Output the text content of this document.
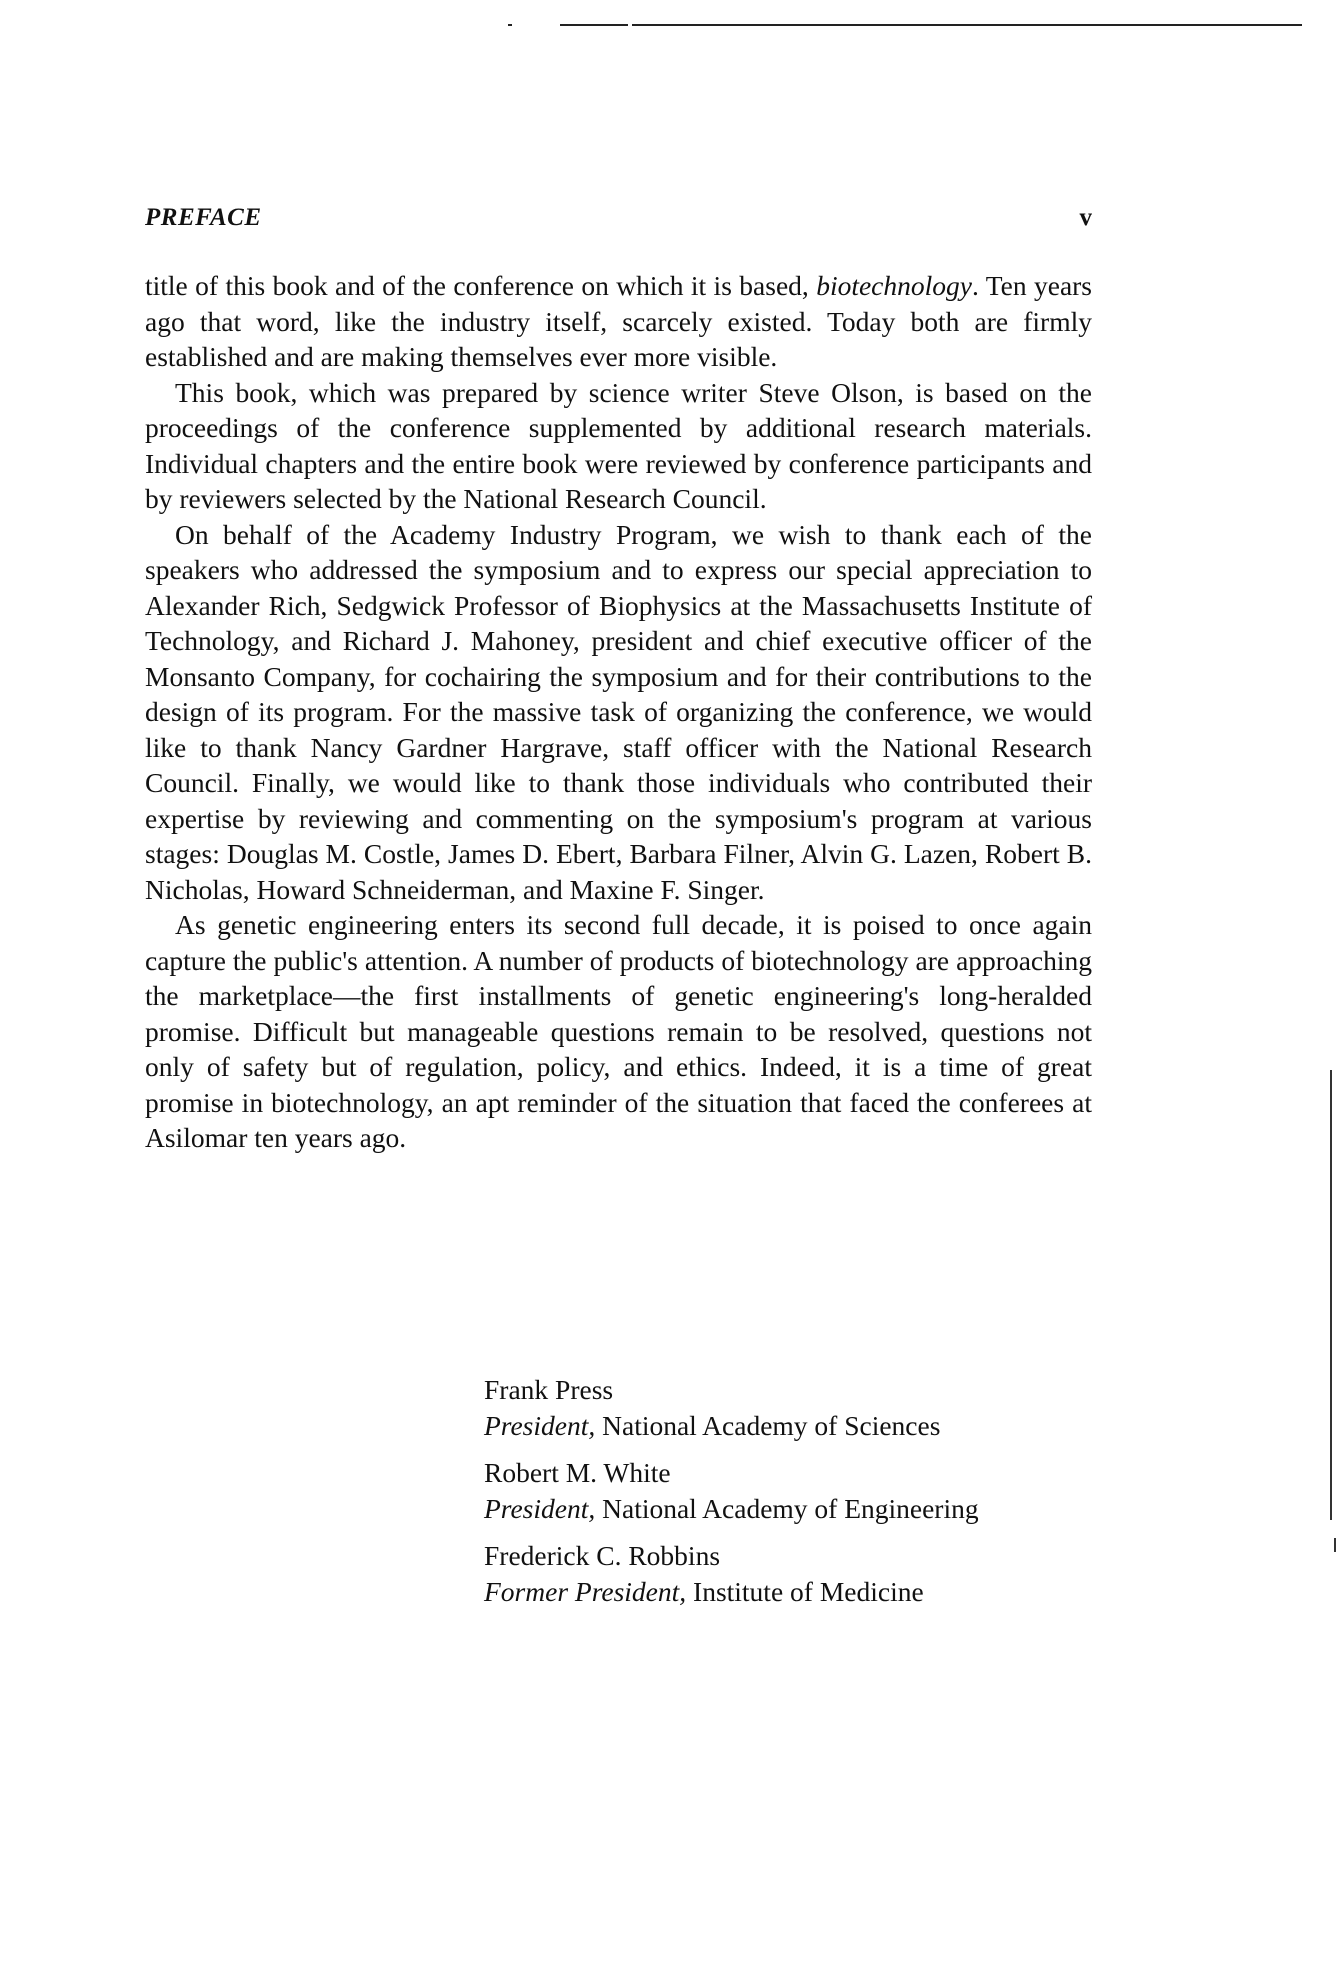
PREFACE	v

title of this book and of the conference on which it is based, biotechnology. Ten years ago that word, like the industry itself, scarcely existed. Today both are firmly established and are making themselves ever more visible.

This book, which was prepared by science writer Steve Olson, is based on the proceedings of the conference supplemented by additional research materials. Individual chapters and the entire book were reviewed by conference participants and by reviewers selected by the National Research Council.

On behalf of the Academy Industry Program, we wish to thank each of the speakers who addressed the symposium and to express our special appreciation to Alexander Rich, Sedgwick Professor of Biophysics at the Massachusetts Institute of Technology, and Richard J. Mahoney, president and chief executive officer of the Monsanto Company, for cochairing the symposium and for their contributions to the design of its program. For the massive task of organizing the conference, we would like to thank Nancy Gardner Hargrave, staff officer with the National Research Council. Finally, we would like to thank those individuals who contributed their expertise by reviewing and commenting on the symposium's program at various stages: Douglas M. Costle, James D. Ebert, Barbara Filner, Alvin G. Lazen, Robert B. Nicholas, Howard Schneiderman, and Maxine F. Singer.

As genetic engineering enters its second full decade, it is poised to once again capture the public's attention. A number of products of biotechnology are approaching the marketplace—the first installments of genetic engineering's long-heralded promise. Difficult but manageable questions remain to be resolved, questions not only of safety but of regulation, policy, and ethics. Indeed, it is a time of great promise in biotechnology, an apt reminder of the situation that faced the conferees at Asilomar ten years ago.

Frank Press
President, National Academy of Sciences
Robert M. White
President, National Academy of Engineering
Frederick C. Robbins
Former President, Institute of Medicine
